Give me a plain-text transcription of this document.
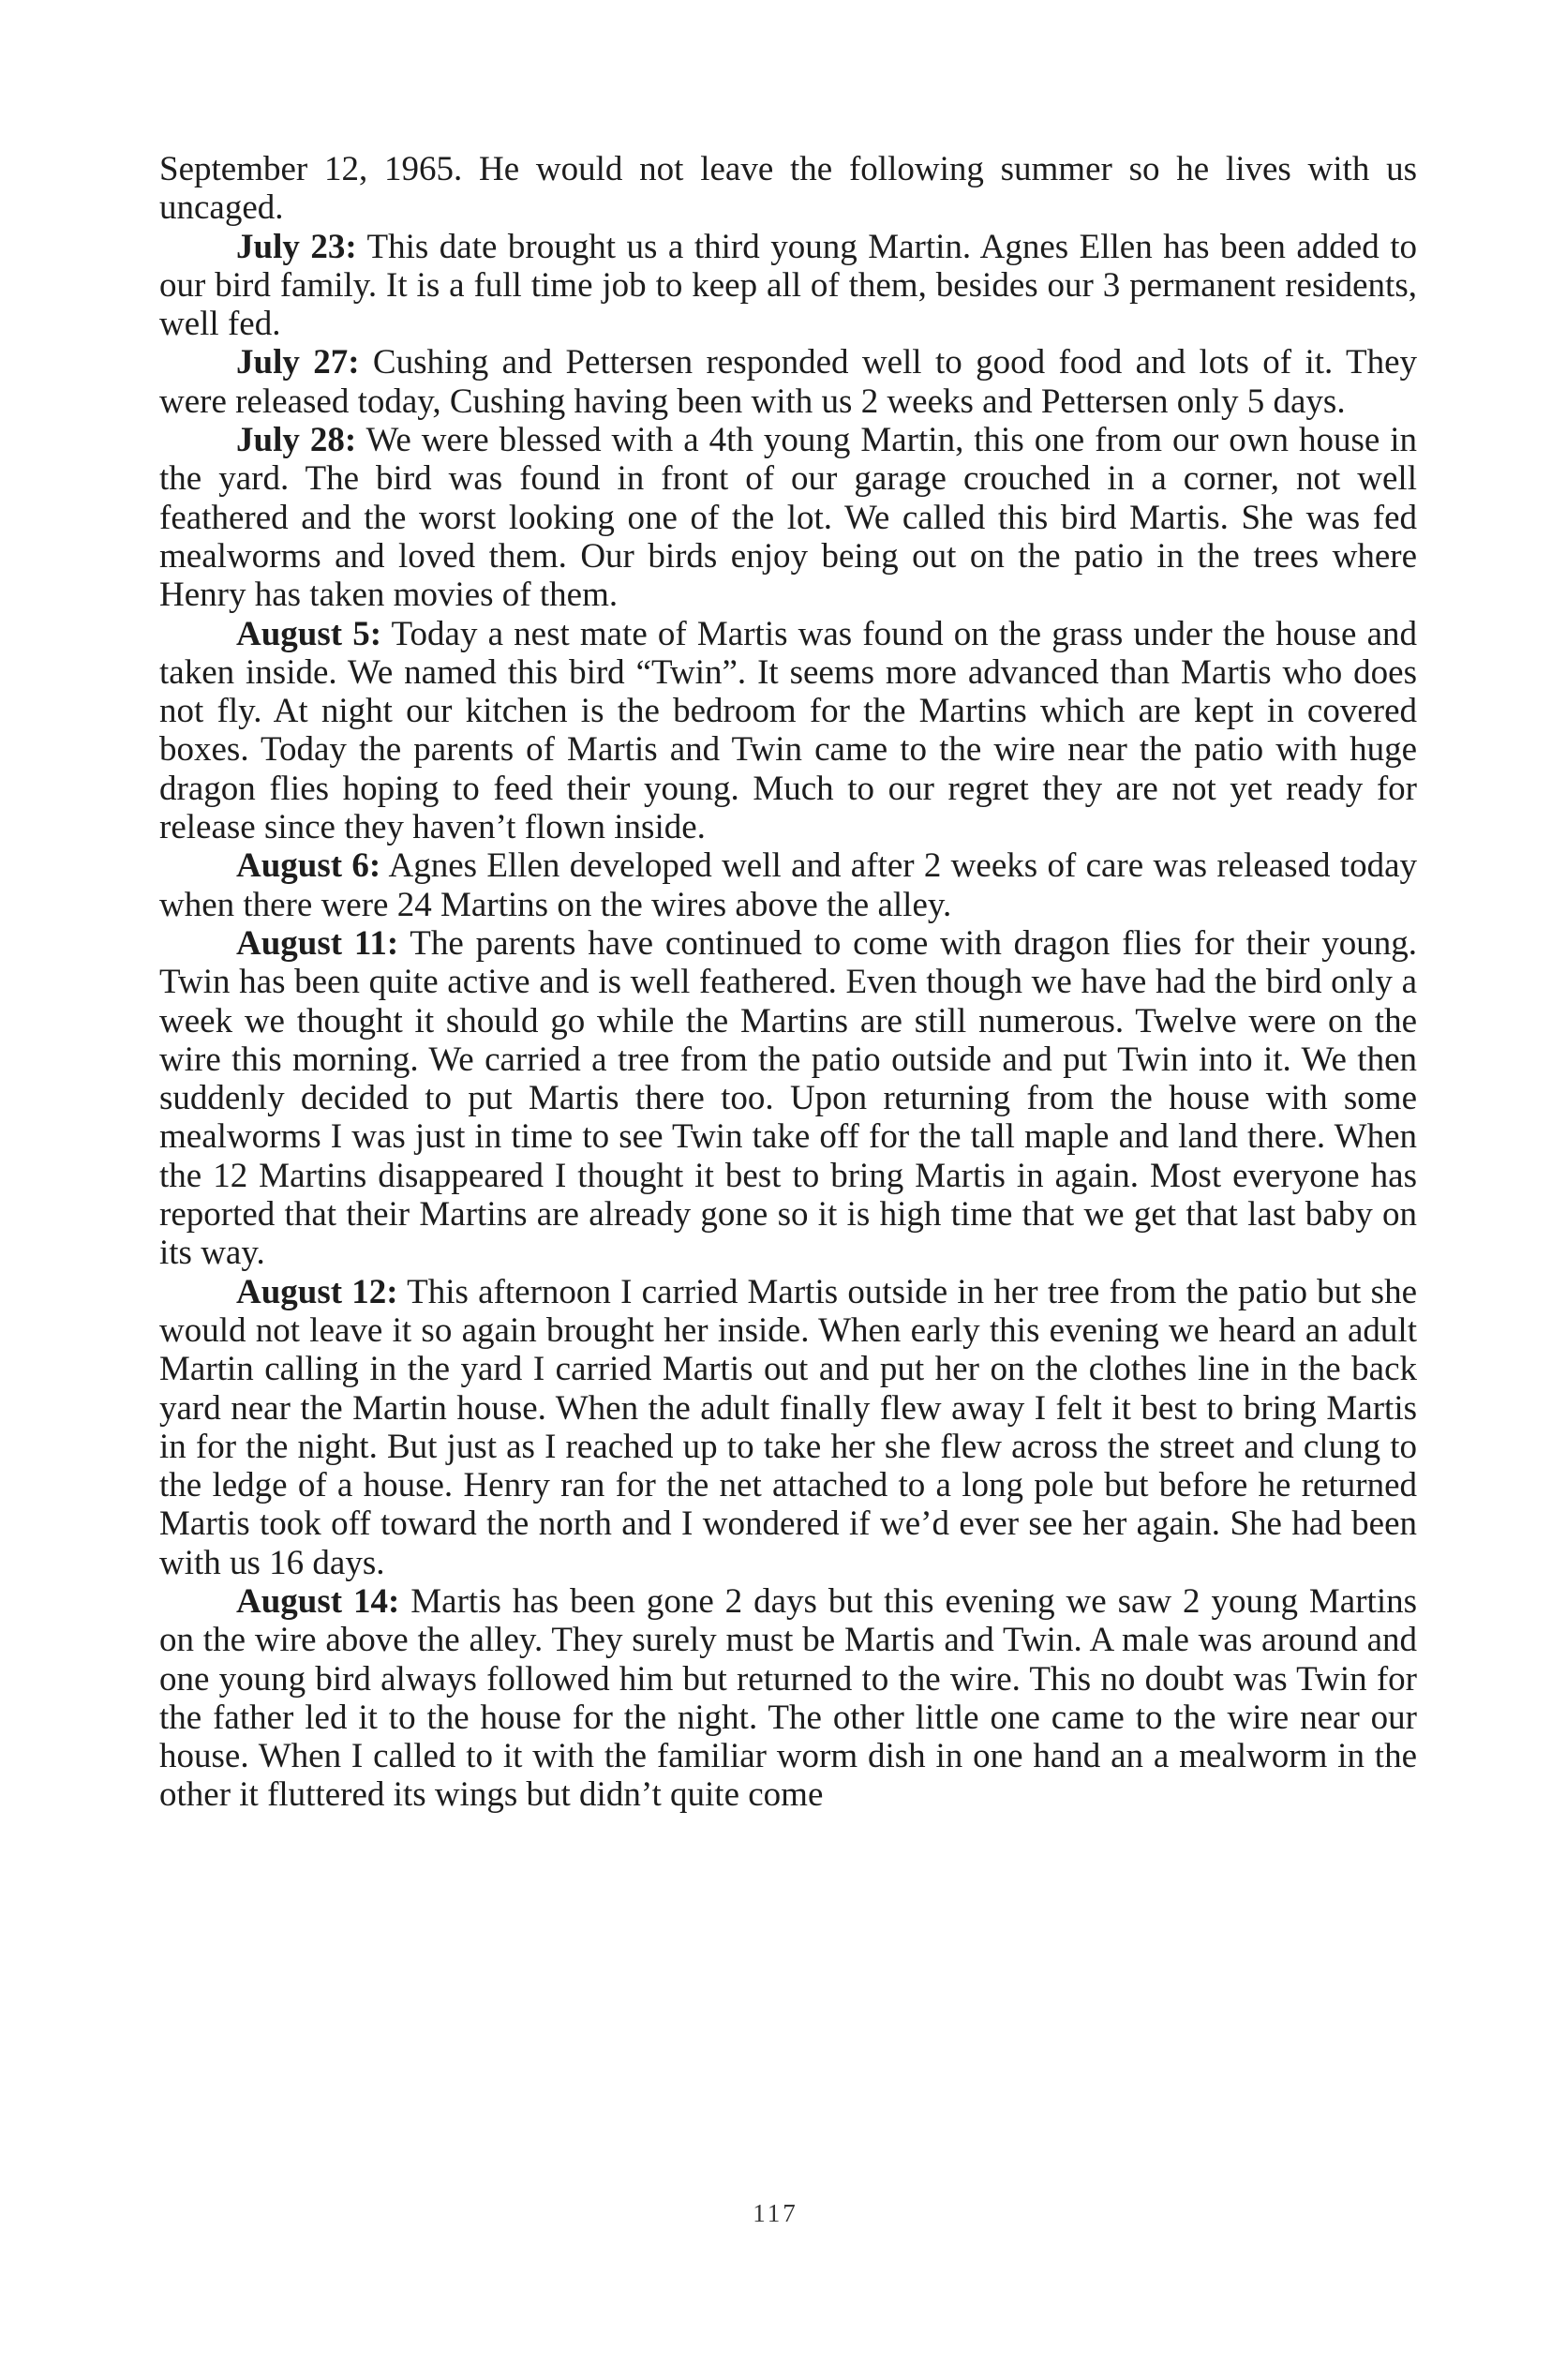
September 12, 1965. He would not leave the following summer so he lives with us uncaged.

July 23: This date brought us a third young Martin. Agnes Ellen has been added to our bird family. It is a full time job to keep all of them, besides our 3 permanent residents, well fed.

July 27: Cushing and Pettersen responded well to good food and lots of it. They were released today, Cushing having been with us 2 weeks and Pettersen only 5 days.

July 28: We were blessed with a 4th young Martin, this one from our own house in the yard. The bird was found in front of our garage crouched in a corner, not well feathered and the worst looking one of the lot. We called this bird Martis. She was fed mealworms and loved them. Our birds enjoy being out on the patio in the trees where Henry has taken movies of them.

August 5: Today a nest mate of Martis was found on the grass under the house and taken inside. We named this bird “Twin”. It seems more advanced than Martis who does not fly. At night our kitchen is the bedroom for the Martins which are kept in covered boxes. Today the parents of Martis and Twin came to the wire near the patio with huge dragon flies hoping to feed their young. Much to our regret they are not yet ready for release since they haven’t flown inside.

August 6: Agnes Ellen developed well and after 2 weeks of care was released today when there were 24 Martins on the wires above the alley.

August 11: The parents have continued to come with dragon flies for their young. Twin has been quite active and is well feathered. Even though we have had the bird only a week we thought it should go while the Martins are still numerous. Twelve were on the wire this morning. We carried a tree from the patio outside and put Twin into it. We then suddenly decided to put Martis there too. Upon returning from the house with some mealworms I was just in time to see Twin take off for the tall maple and land there. When the 12 Martins disappeared I thought it best to bring Martis in again. Most everyone has reported that their Martins are already gone so it is high time that we get that last baby on its way.

August 12: This afternoon I carried Martis outside in her tree from the patio but she would not leave it so again brought her inside. When early this evening we heard an adult Martin calling in the yard I carried Martis out and put her on the clothes line in the back yard near the Martin house. When the adult finally flew away I felt it best to bring Martis in for the night. But just as I reached up to take her she flew across the street and clung to the ledge of a house. Henry ran for the net attached to a long pole but before he returned Martis took off toward the north and I wondered if we’d ever see her again. She had been with us 16 days.

August 14: Martis has been gone 2 days but this evening we saw 2 young Martins on the wire above the alley. They surely must be Martis and Twin. A male was around and one young bird always followed him but returned to the wire. This no doubt was Twin for the father led it to the house for the night. The other little one came to the wire near our house. When I called to it with the familiar worm dish in one hand an a mealworm in the other it fluttered its wings but didn’t quite come

117
